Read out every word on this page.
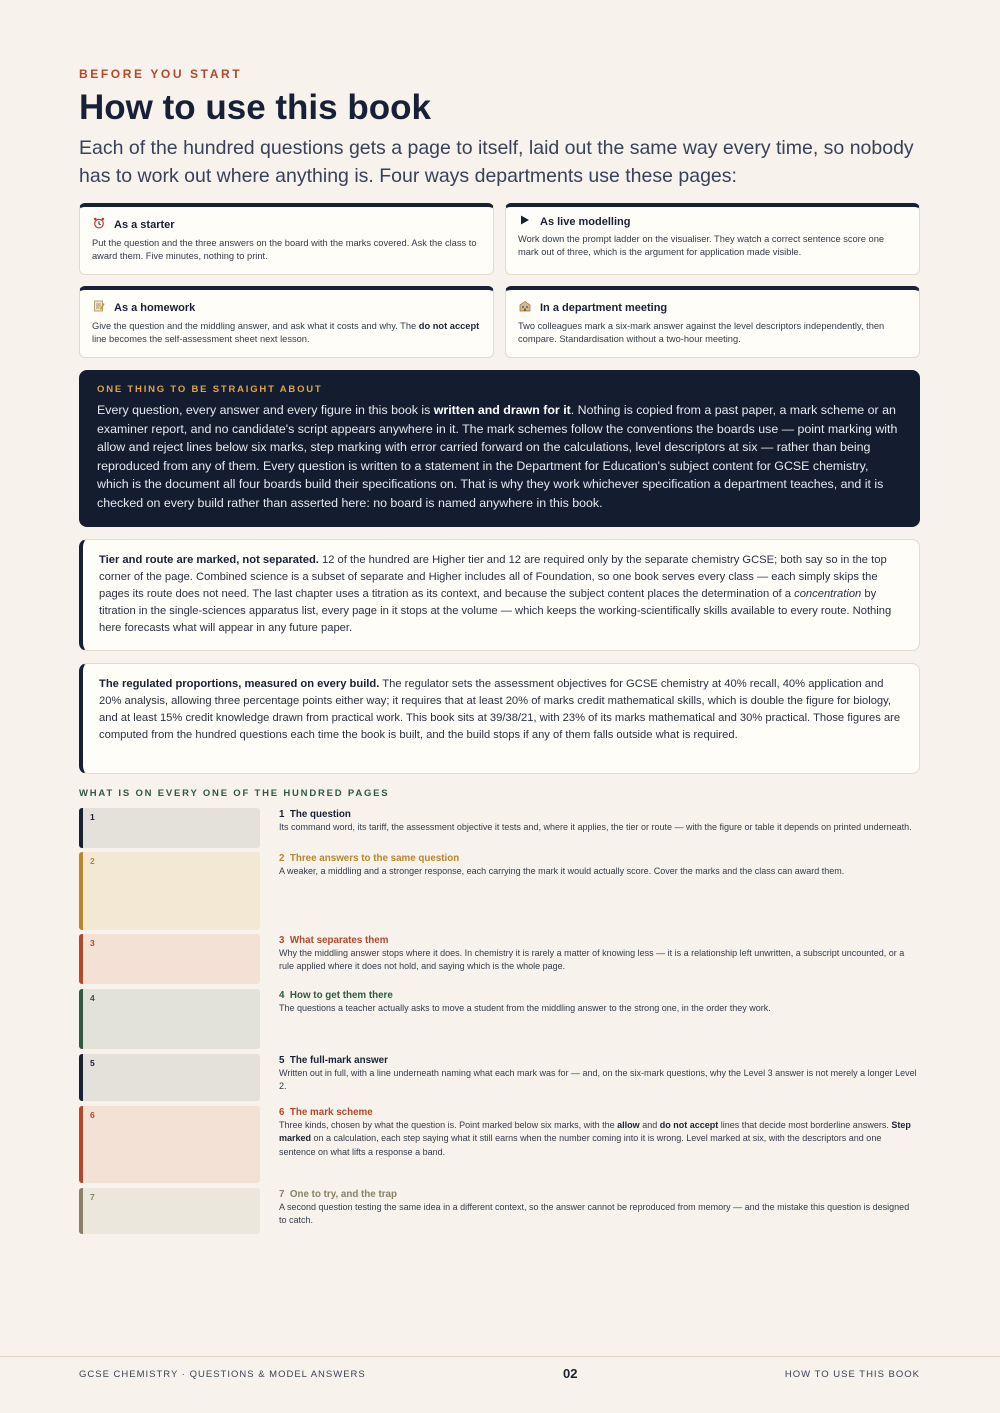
BEFORE YOU START
How to use this book

Each of the hundred questions gets a page to itself, laid out the same way every time, so nobody has to work out where anything is. Four ways departments use these pages:

As a starter
Put the question and the three answers on the board with the marks covered. Ask the class to award them. Five minutes, nothing to print.
As live modelling
Work down the prompt ladder on the visualiser. They watch a correct sentence score one mark out of three, which is the argument for application made visible.
As a homework
Give the question and the middling answer, and ask what it costs and why. The do not accept line becomes the self-assessment sheet next lesson.
In a department meeting
Two colleagues mark a six-mark answer against the level descriptors independently, then compare. Standardisation without a two-hour meeting.
ONE THING TO BE STRAIGHT ABOUT
Every question, every answer and every figure in this book is written and drawn for it. Nothing is copied from a past paper, a mark scheme or an examiner report, and no candidate's script appears anywhere in it. The mark schemes follow the conventions the boards use — point marking with allow and reject lines below six marks, step marking with error carried forward on the calculations, level descriptors at six — rather than being reproduced from any of them. Every question is written to a statement in the Department for Education's subject content for GCSE chemistry, which is the document all four boards build their specifications on. That is why they work whichever specification a department teaches, and it is checked on every build rather than asserted here: no board is named anywhere in this book.
Tier and route are marked, not separated. 12 of the hundred are Higher tier and 12 are required only by the separate chemistry GCSE; both say so in the top corner of the page. Combined science is a subset of separate and Higher includes all of Foundation, so one book serves every class — each simply skips the pages its route does not need. The last chapter uses a titration as its context, and because the subject content places the determination of a concentration by titration in the single-sciences apparatus list, every page in it stops at the volume — which keeps the working-scientifically skills available to every route. Nothing here forecasts what will appear in any future paper.
The regulated proportions, measured on every build. The regulator sets the assessment objectives for GCSE chemistry at 40% recall, 40% application and 20% analysis, allowing three percentage points either way; it requires that at least 20% of marks credit mathematical skills, which is double the figure for biology, and at least 15% credit knowledge drawn from practical work. This book sits at 39/38/21, with 23% of its marks mathematical and 30% practical. Those figures are computed from the hundred questions each time the book is built, and the build stops if any of them falls outside what is required.
WHAT IS ON EVERY ONE OF THE HUNDRED PAGES
1	1 The question
Its command word, its tariff, the assessment objective it tests and, where it applies, the tier or route — with the figure or table it depends on printed underneath.
2	2 Three answers to the same question
A weaker, a middling and a stronger response, each carrying the mark it would actually score. Cover the marks and the class can award them.
3	3 What separates them
Why the middling answer stops where it does. In chemistry it is rarely a matter of knowing less — it is a relationship left unwritten, a subscript uncounted, or a rule applied where it does not hold, and saying which is the whole page.
4	4 How to get them there
The questions a teacher actually asks to move a student from the middling answer to the strong one, in the order they work.
5	5 The full-mark answer
Written out in full, with a line underneath naming what each mark was for — and, on the six-mark questions, why the Level 3 answer is not merely a longer Level 2.
6	6 The mark scheme
Three kinds, chosen by what the question is. Point marked below six marks, with the allow and do not accept lines that decide most borderline answers. Step marked on a calculation, each step saying what it still earns when the number coming into it is wrong. Level marked at six, with the descriptors and one sentence on what lifts a response a band.
7	7 One to try, and the trap
A second question testing the same idea in a different context, so the answer cannot be reproduced from memory — and the mistake this question is designed to catch.
GCSE CHEMISTRY · QUESTIONS & MODEL ANSWERS	02	HOW TO USE THIS BOOK
